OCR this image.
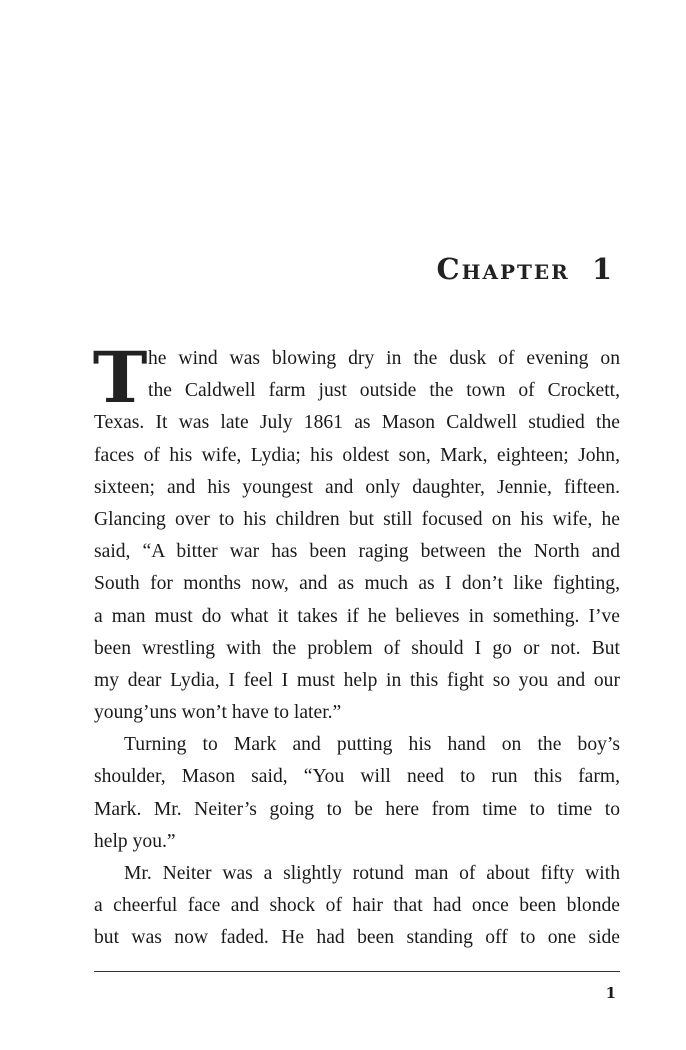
Chapter 1
T he wind was blowing dry in the dusk of evening on
the Caldwell farm just outside the town of Crockett,
Texas. It was late July 1861 as Mason Caldwell studied the
faces of his wife, Lydia; his oldest son, Mark, eighteen; John,
sixteen; and his youngest and only daughter, Jennie, fifteen.
Glancing over to his children but still focused on his wife, he
said, “A bitter war has been raging between the North and
South for months now, and as much as I don’t like fighting,
a man must do what it takes if he believes in something. I’ve
been wrestling with the problem of should I go or not. But
my dear Lydia, I feel I must help in this fight so you and our
young’uns won’t have to later.”
Turning to Mark and putting his hand on the boy’s
shoulder, Mason said, “You will need to run this farm,
Mark. Mr. Neiter’s going to be here from time to time to
help you.”
Mr. Neiter was a slightly rotund man of about fifty with
a cheerful face and shock of hair that had once been blonde
but was now faded. He had been standing off to one side
1
